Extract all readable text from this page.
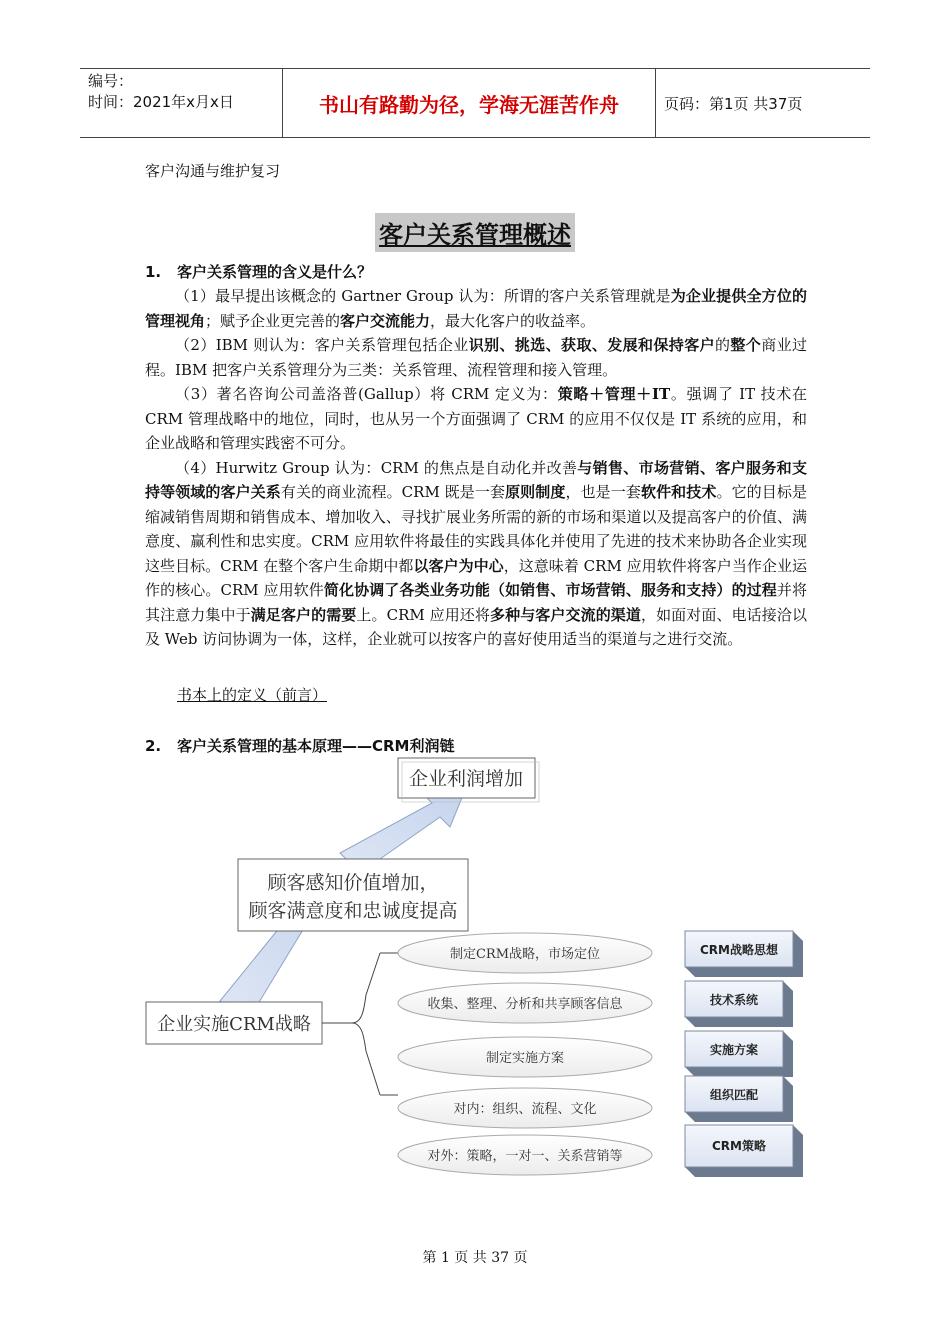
编号：
时间：2021年x月x日	书山有路勤为径，学海无涯苦作舟	页码：第1页 共37页
客户沟通与维护复习
客户关系管理概述
1. 客户关系管理的含义是什么？

（1）最早提出该概念的 Gartner Group 认为：所谓的客户关系管理就是为企业提供全方位的管理视角；赋予企业更完善的客户交流能力，最大化客户的收益率。

（2）IBM 则认为：客户关系管理包括企业识别、挑选、获取、发展和保持客户的整个商业过程。IBM 把客户关系管理分为三类：关系管理、流程管理和接入管理。

（3）著名咨询公司盖洛普(Gallup）将 CRM 定义为：策略＋管理＋IT。强调了 IT 技术在 CRM 管理战略中的地位，同时，也从另一个方面强调了 CRM 的应用不仅仅是 IT 系统的应用，和企业战略和管理实践密不可分。

（4）Hurwitz Group 认为：CRM 的焦点是自动化并改善与销售、市场营销、客户服务和支持等领域的客户关系有关的商业流程。CRM 既是一套原则制度，也是一套软件和技术。它的目标是缩减销售周期和销售成本、增加收入、寻找扩展业务所需的新的市场和渠道以及提高客户的价值、满意度、赢利性和忠实度。CRM 应用软件将最佳的实践具体化并使用了先进的技术来协助各企业实现这些目标。CRM 在整个客户生命期中都以客户为中心，这意味着 CRM 应用软件将客户当作企业运作的核心。CRM 应用软件简化协调了各类业务功能（如销售、市场营销、服务和支持）的过程并将其注意力集中于满足客户的需要上。CRM 应用还将多种与客户交流的渠道，如面对面、电话接洽以及 Web 访问协调为一体，这样，企业就可以按客户的喜好使用适当的渠道与之进行交流。

书本上的定义（前言）
2. 客户关系管理的基本原理——CRM利润链
企业利润增加
顾客感知价值增加，
顾客满意度和忠诚度提高
企业实施CRM战略
制定CRM战略，市场定位
收集、整理、分析和共享顾客信息
制定实施方案
对内：组织、流程、文化
对外：策略，一对一、关系营销等
CRM战略思想
技术系统
实施方案
组织匹配
CRM策略
第 1 页 共 37 页
